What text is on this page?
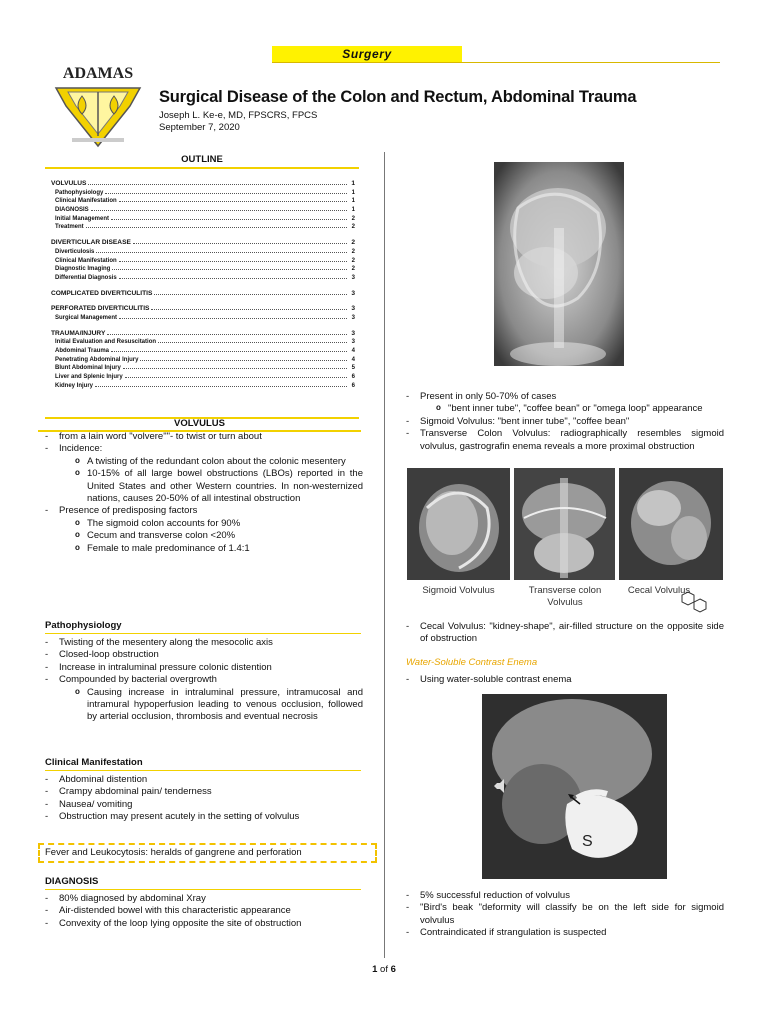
Surgery
ADAMAS
Surgical Disease of the Colon and Rectum, Abdominal Trauma
Joseph L. Ke-e, MD, FPSCRS, FPCS
September 7, 2020
OUTLINE
VOLVULUS	1
Pathophysiology	1
Clinical Manifestation	1
DIAGNOSIS	1
Initial Management	2
Treatment	2
DIVERTICULAR DISEASE	2
Diverticulosis	2
Clinical Manifestation	2
Diagnostic Imaging	2
Differential Diagnosis	3
COMPLICATED DIVERTICULITIS	3
PERFORATED DIVERTICULITIS	3
Surgical Management	3
TRAUMA/INJURY	3
Initial Evaluation and Resuscitation	3
Abdominal Trauma	4
Penetrating Abdominal Injury	4
Blunt Abdominal Injury	5
Liver and Splenic Injury	6
Kidney Injury	6
VOLVULUS
- from a lain word "volvere""- to twist or turn about
- Incidence:
o A twisting of the redundant colon about the colonic mesentery
o 10-15% of all large bowel obstructions (LBOs) reported in the United States and other Western countries. In non-westernized nations, causes 20-50% of all intestinal obstruction
- Presence of predisposing factors
o The sigmoid colon accounts for 90%
o Cecum and transverse colon <20%
o Female to male predominance of 1.4:1
Pathophysiology
- Twisting of the mesentery along the mesocolic axis
- Closed-loop obstruction
- Increase in intraluminal pressure colonic distention
- Compounded by bacterial overgrowth
o Causing increase in intraluminal pressure, intramucosal and intramural hypoperfusion leading to venous occlusion, followed by arterial occlusion, thrombosis and eventual necrosis
Clinical Manifestation
- Abdominal distention
- Crampy abdominal pain/ tenderness
- Nausea/ vomiting
- Obstruction may present acutely in the setting of volvulus
Fever and Leukocytosis: heralds of gangrene and perforation
DIAGNOSIS
- 80% diagnosed by abdominal Xray
- Air-distended bowel with this characteristic appearance
- Convexity of the loop lying opposite the site of obstruction
- Present in only 50-70% of cases
o "bent inner tube", "coffee bean" or "omega loop" appearance
- Sigmoid Volvulus: "bent inner tube", "coffee bean"
- Transverse Colon Volvulus: radiographically resembles sigmoid volvulus, gastrografin enema reveals a more proximal obstruction
Sigmoid Volvulus	Transverse colon Volvulus
Cecal Volvulus
- Cecal Volvulus: "kidney-shape", air-filled structure on the opposite side of obstruction
Water-Soluble Contrast Enema
- Using water-soluble contrast enema
S
- 5% successful reduction of volvulus
- "Bird's beak "deformity will classify be on the left side for sigmoid volvulus
- Contraindicated if strangulation is suspected
1 of 6
